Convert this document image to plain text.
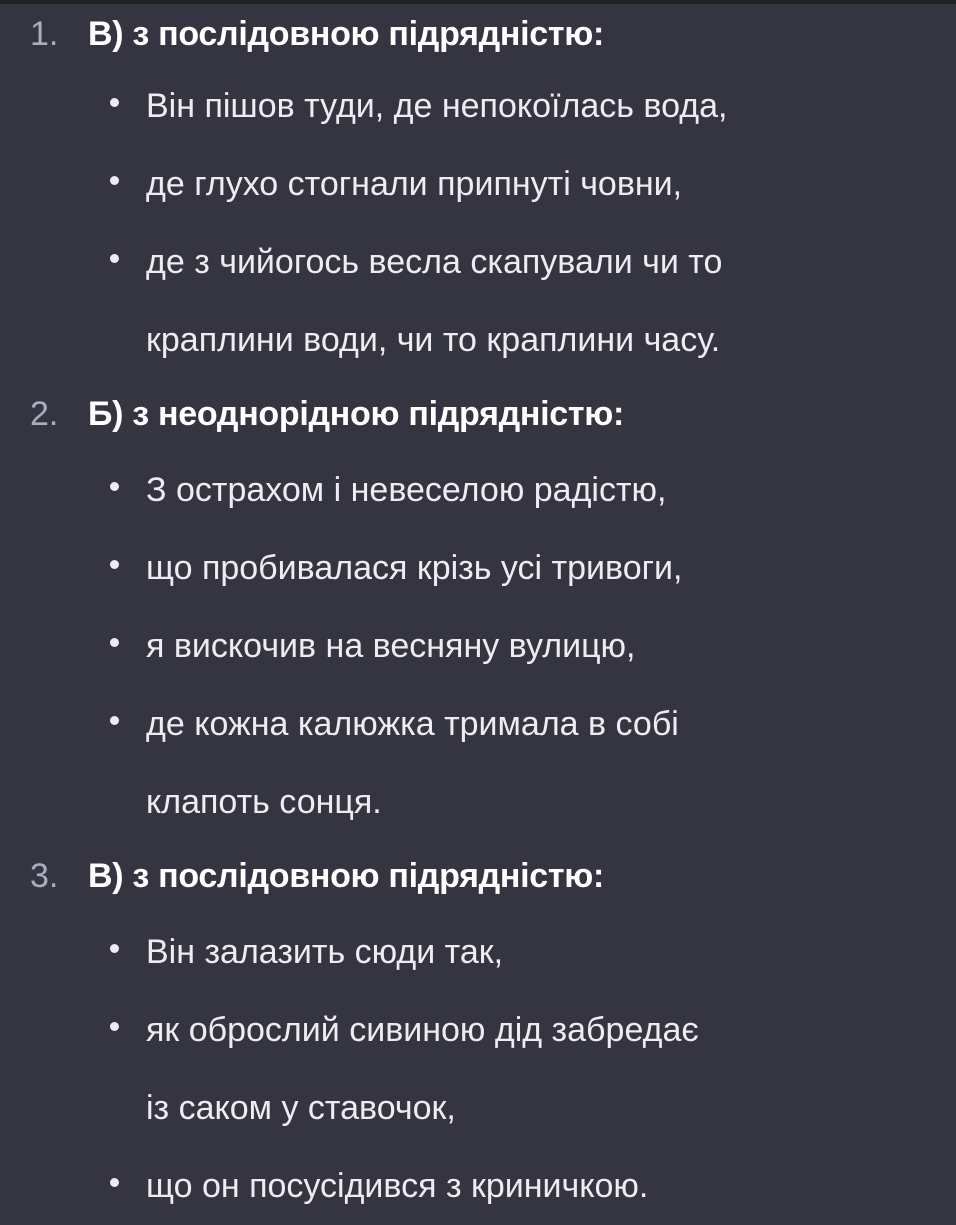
1. В) з послідовною підрядністю:
Він пішов туди, де непокоїлась вода,
де глухо стогнали припнуті човни,
де з чийогось весла скапували чи то
краплини води, чи то краплини часу.
2. Б) з неоднорідною підрядністю:
З острахом і невеселою радістю,
що пробивалася крізь усі тривоги,
я вискочив на весняну вулицю,
де кожна калюжка тримала в собі
клапоть сонця.
3. В) з послідовною підрядністю:
Він залазить сюди так,
як оброслий сивиною дід забредає
із саком у ставочок,
що он посусідився з криничкою.
